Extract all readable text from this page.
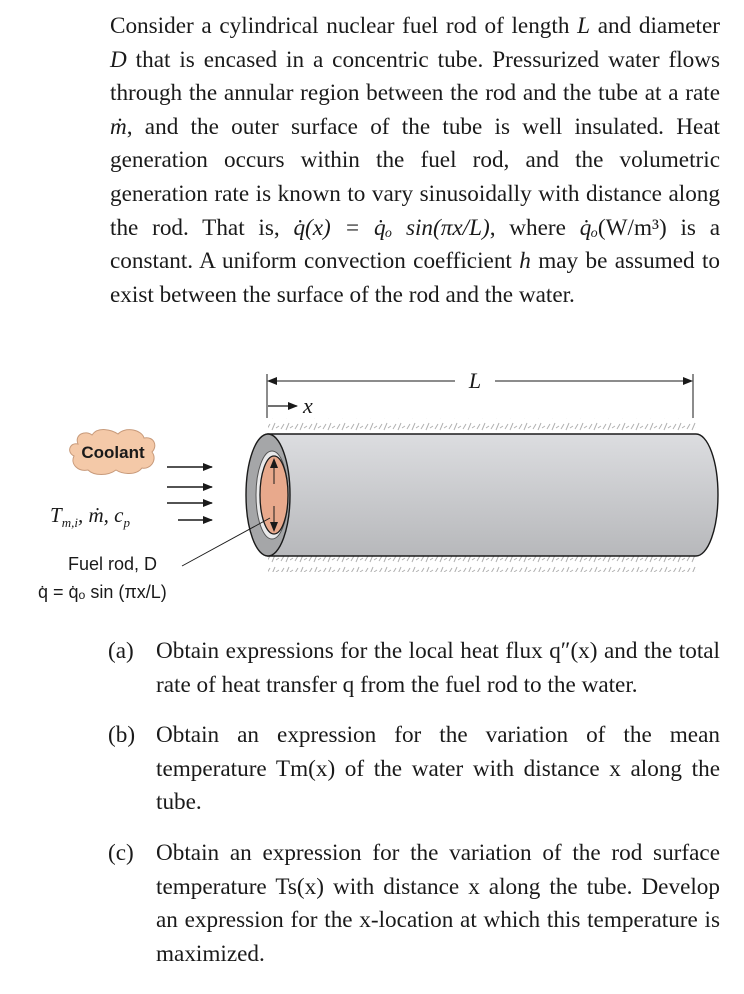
Consider a cylindrical nuclear fuel rod of length L and diameter D that is encased in a concentric tube. Pressurized water flows through the annular region between the rod and the tube at a rate ṁ, and the outer surface of the tube is well insulated. Heat generation occurs within the fuel rod, and the volumetric generation rate is known to vary sinusoidally with distance along the rod. That is, q̇(x) = q̇ₒ sin(πx/L), where q̇ₒ(W/m³) is a constant. A uniform convection coefficient h may be assumed to exist between the surface of the rod and the water.

L
x
Coolant
$T_{m,i}$, ṁ, $c_p$
Fuel rod, D
q̇ = q̇ₒ sin (πx/L)
(a) Obtain expressions for the local heat flux q″(x) and the total rate of heat transfer q from the fuel rod to the water.
(b) Obtain an expression for the variation of the mean temperature Tm(x) of the water with distance x along the tube.
(c) Obtain an expression for the variation of the rod surface temperature Ts(x) with distance x along the tube. Develop an expression for the x-location at which this temperature is maximized.
